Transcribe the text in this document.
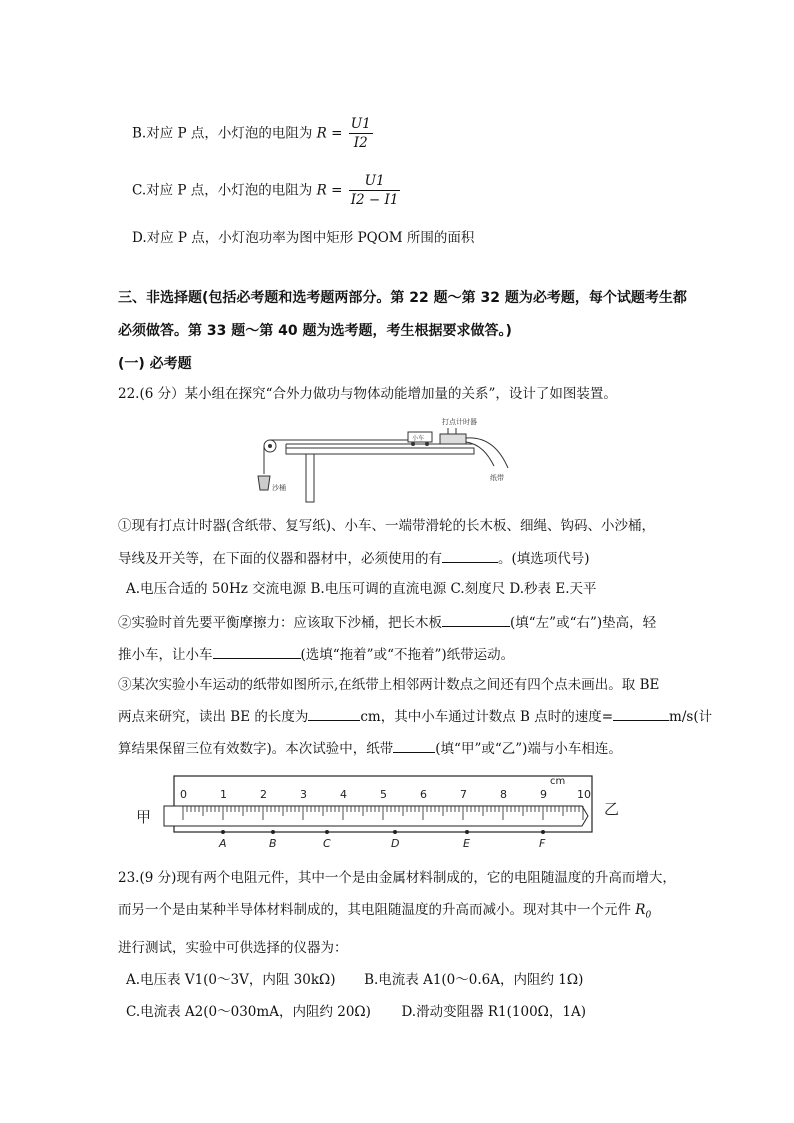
B.对应 P 点，小灯泡的电阻为 $R = \frac{U1}{I2}$
C.对应 P 点，小灯泡的电阻为 $R = \frac{U1}{I2 - I1}$
D.对应 P 点，小灯泡功率为图中矩形 PQOM 所围的面积
三、非选择题(包括必考题和选考题两部分。第 22 题～第 32 题为必考题，每个试题考生都
必须做答。第 33 题～第 40 题为选考题，考生根据要求做答。)
(一) 必考题
22.(6 分）某小组在探究“合外力做功与物体动能增加量的关系”，设计了如图装置。
沙桶
小车
打点计时器
纸带
①现有打点计时器(含纸带、复写纸)、小车、一端带滑轮的长木板、细绳、钩码、小沙桶，
导线及开关等，在下面的仪器和器材中，必须使用的有	。(填选项代号)
A.电压合适的 50Hz 交流电源 B.电压可调的直流电源 C.刻度尺 D.秒表 E.天平
②实验时首先要平衡摩擦力：应该取下沙桶，把长木板	(填“左”或“右”)垫高，轻
推小车，让小车	(选填“拖着”或“不拖着”)纸带运动。
③某次实验小车运动的纸带如图所示,在纸带上相邻两计数点之间还有四个点未画出。取 BE
两点来研究，读出 BE 的长度为	cm，其中小车通过计数点 B 点时的速度=	m/s(计
算结果保留三位有效数字)。本次试验中，纸带	(填“甲”或“乙”)端与小车相连。
甲	乙
cm
0	1	2	3	4	5	6	7	8	9	10
A	B	C	D	E	F
23.(9 分)现有两个电阻元件，其中一个是由金属材料制成的，它的电阻随温度的升高而增大，
而另一个是由某种半导体材料制成的，其电阻随温度的升高而减小。现对其中一个元件 $R_0$
进行测试，实验中可供选择的仪器为：
A.电压表 V1(0～3V，内阻 30kΩ) B.电流表 A1(0～0.6A，内阻约 1Ω)
C.电流表 A2(0～030mA，内阻约 20Ω) D.滑动变阻器 R1(100Ω，1A)
